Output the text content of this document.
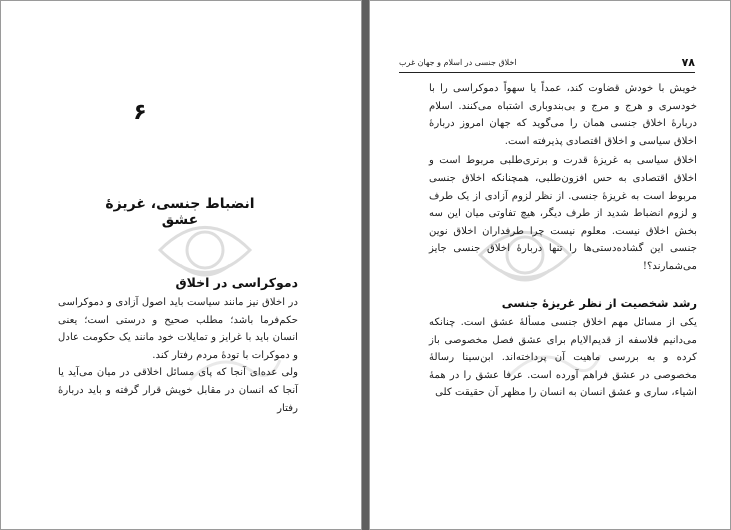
۶
انضباط جنسی، غریزهٔ عشق
دموکراسی در اخلاق

در اخلاق نیز مانند سیاست باید اصول آزادی و دموکراسی حکم‌فرما باشد؛ مطلب صحیح و درستی است؛ یعنی انسان باید با غرایز و تمایلات خود مانند یک حکومت عادل و دموکرات با تودهٔ مردم رفتار کند.

ولی عده‌ای آنجا که پای مسائل اخلاقی در میان می‌آید یا آنجا که انسان در مقابل خویش قرار گرفته و باید دربارهٔ رفتار

۷۸
اخلاق جنسی در اسلام و جهان غرب

خویش با خودش قضاوت کند، عمداً یا سهواً دموکراسی را با خودسری و هرج و مرج و بی‌بندوباری اشتباه می‌کنند. اسلام دربارهٔ اخلاق جنسی همان را می‌گوید که جهان امروز دربارهٔ اخلاق سیاسی و اخلاق اقتصادی پذیرفته است.

اخلاق سیاسی به غریزهٔ قدرت و برتری‌طلبی مربوط است و اخلاق اقتصادی به حس افزون‌طلبی، همچنانکه اخلاق جنسی مربوط است به غریزهٔ جنسی. از نظر لزوم آزادی از یک طرف و لزوم انضباط شدید از طرف دیگر، هیچ تفاوتی میان این سه بخش اخلاق نیست. معلوم نیست چرا طرفداران اخلاق نوین جنسی این گشاده‌دستی‌ها را تنها دربارهٔ اخلاق جنسی جایز می‌شمارند؟!

رشد شخصیت از نظر غریزهٔ جنسی

یکی از مسائل مهم اخلاق جنسی مسألهٔ عشق است. چنانکه می‌دانیم فلاسفه از قدیم‌الایام برای عشق فصل مخصوصی باز کرده و به بررسی ماهیت آن پرداخته‌اند. ابن‌سینا رسالهٔ مخصوصی در عشق فراهم آورده است. عرفا عشق را در همهٔ اشیاء، ساری و عشق انسان به انسان را مظهر آن حقیقت کلی
